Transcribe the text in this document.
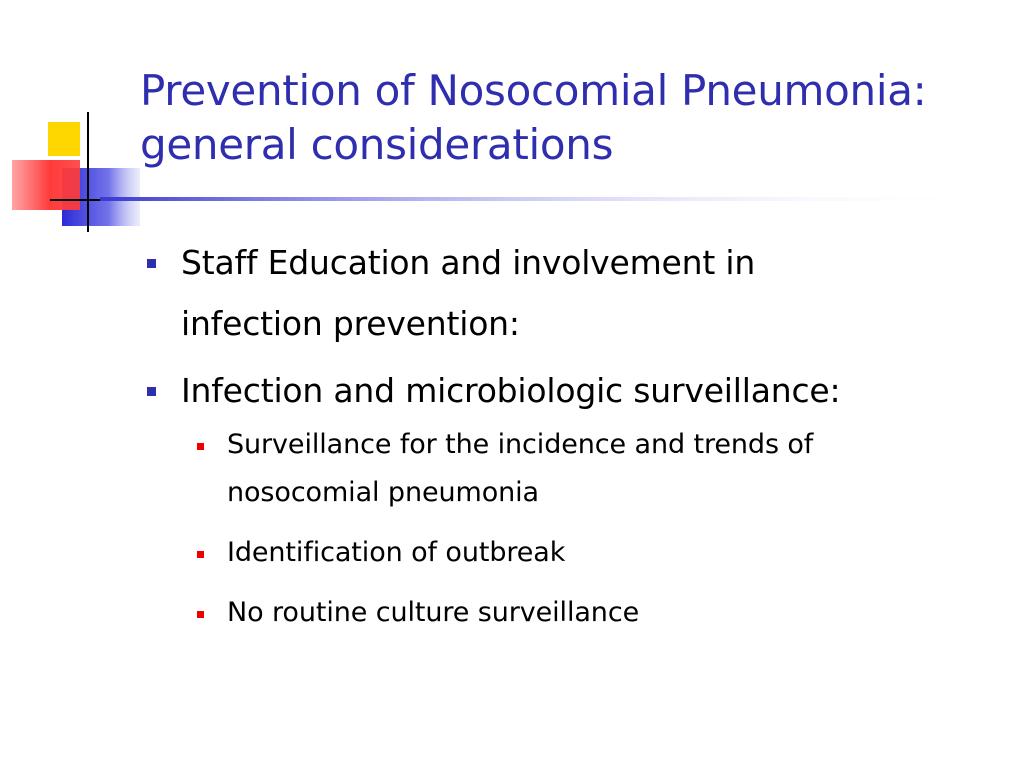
Prevention of Nosocomial Pneumonia:
general considerations
Staff Education and involvement in
infection prevention:
Infection and microbiologic surveillance:
Surveillance for the incidence and trends of
nosocomial pneumonia
Identification of outbreak
No routine culture surveillance
